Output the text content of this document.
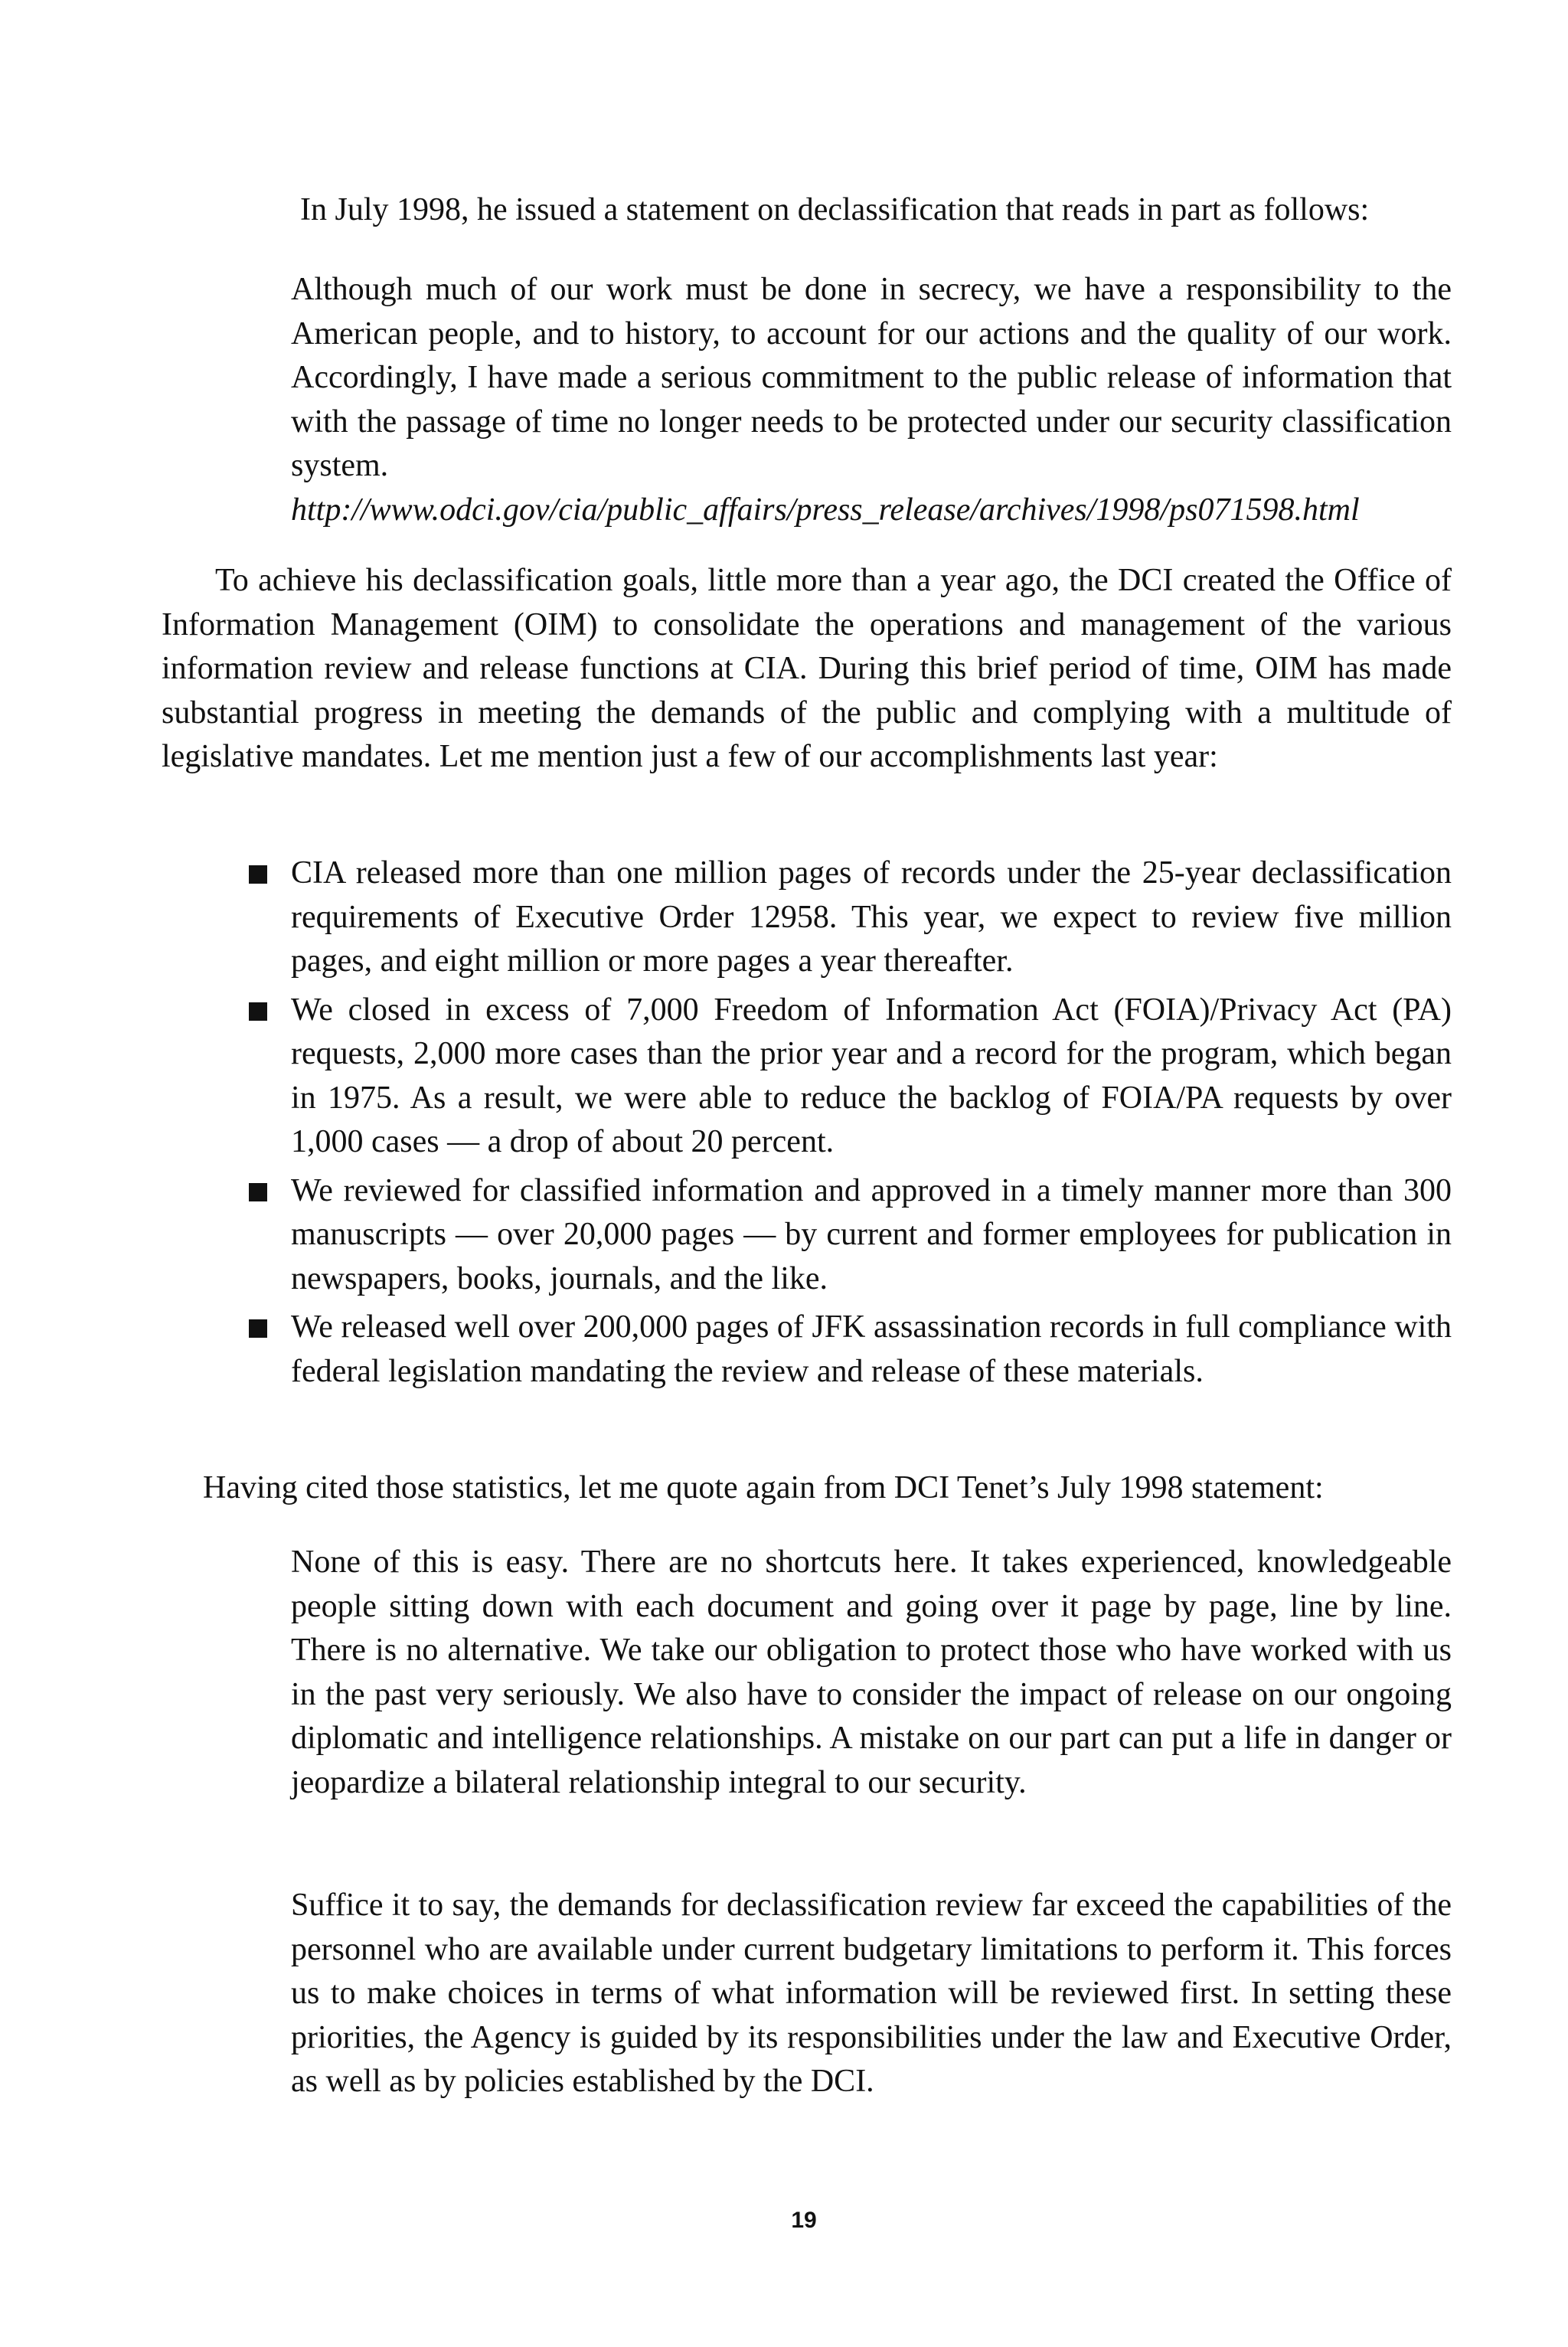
In July 1998, he issued a statement on declassification that reads in part as follows:

Although much of our work must be done in secrecy, we have a responsibility to the American people, and to history, to account for our actions and the quality of our work. Accordingly, I have made a serious commitment to the public release of information that with the passage of time no longer needs to be protected under our security classification system. http://www.odci.gov/cia/public_affairs/press_release/archives/1998/ps071598.html

To achieve his declassification goals, little more than a year ago, the DCI created the Office of Information Management (OIM) to consolidate the operations and management of the various information review and release functions at CIA. During this brief period of time, OIM has made substantial progress in meeting the demands of the public and complying with a multitude of legislative mandates. Let me mention just a few of our accomplishments last year:

CIA released more than one million pages of records under the 25-year declassification requirements of Executive Order 12958. This year, we expect to review five million pages, and eight million or more pages a year thereafter.
We closed in excess of 7,000 Freedom of Information Act (FOIA)/Privacy Act (PA) requests, 2,000 more cases than the prior year and a record for the program, which began in 1975. As a result, we were able to reduce the backlog of FOIA/PA requests by over 1,000 cases — a drop of about 20 percent.
We reviewed for classified information and approved in a timely manner more than 300 manuscripts — over 20,000 pages — by current and former employees for publication in newspapers, books, journals, and the like.
We released well over 200,000 pages of JFK assassination records in full compliance with federal legislation mandating the review and release of these materials.

Having cited those statistics, let me quote again from DCI Tenet’s July 1998 statement:

None of this is easy. There are no shortcuts here. It takes experienced, knowledgeable people sitting down with each document and going over it page by page, line by line. There is no alternative. We take our obligation to protect those who have worked with us in the past very seriously. We also have to consider the impact of release on our ongoing diplomatic and intelligence relationships. A mistake on our part can put a life in danger or jeopardize a bilateral relationship integral to our security.

Suffice it to say, the demands for declassification review far exceed the capabilities of the personnel who are available under current budgetary limitations to perform it. This forces us to make choices in terms of what information will be reviewed first. In setting these priorities, the Agency is guided by its responsibilities under the law and Executive Order, as well as by policies established by the DCI.

19
